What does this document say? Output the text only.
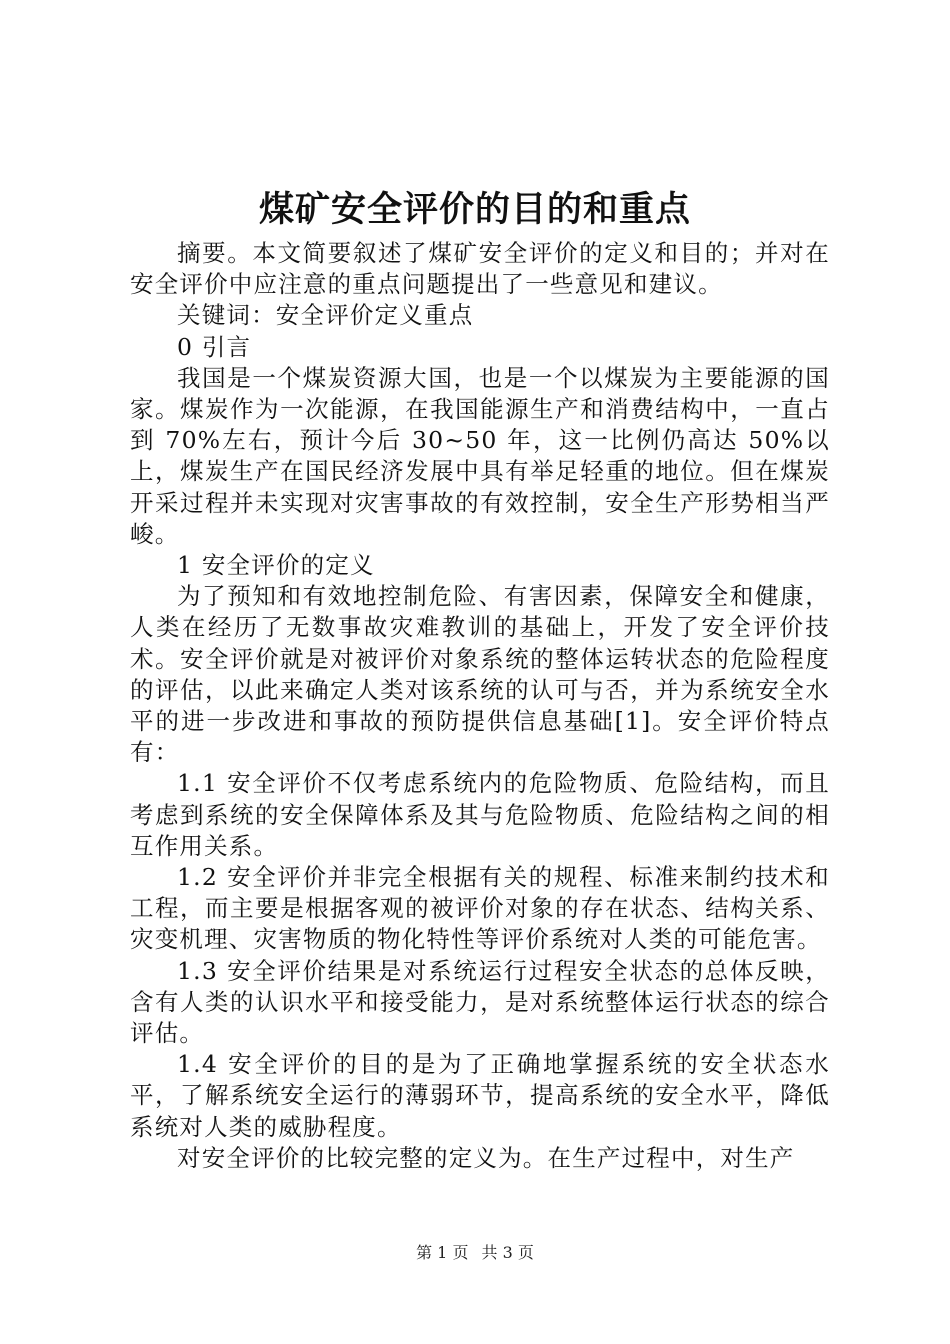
煤矿安全评价的目的和重点

摘要。本文简要叙述了煤矿安全评价的定义和目的；并对在安全评价中应注意的重点问题提出了一些意见和建议。

关键词：安全评价定义重点

0 引言

我国是一个煤炭资源大国，也是一个以煤炭为主要能源的国家。煤炭作为一次能源，在我国能源生产和消费结构中，一直占到 70%左右，预计今后 30~50 年，这一比例仍高达 50%以上，煤炭生产在国民经济发展中具有举足轻重的地位。但在煤炭开采过程并未实现对灾害事故的有效控制，安全生产形势相当严峻。

1 安全评价的定义

为了预知和有效地控制危险、有害因素，保障安全和健康，人类在经历了无数事故灾难教训的基础上，开发了安全评价技术。安全评价就是对被评价对象系统的整体运转状态的危险程度的评估，以此来确定人类对该系统的认可与否，并为系统安全水平的进一步改进和事故的预防提供信息基础[1]。安全评价特点有：

1.1 安全评价不仅考虑系统内的危险物质、危险结构，而且考虑到系统的安全保障体系及其与危险物质、危险结构之间的相互作用关系。

1.2 安全评价并非完全根据有关的规程、标准来制约技术和工程，而主要是根据客观的被评价对象的存在状态、结构关系、灾变机理、灾害物质的物化特性等评价系统对人类的可能危害。

1.3 安全评价结果是对系统运行过程安全状态的总体反映，含有人类的认识水平和接受能力，是对系统整体运行状态的综合评估。

1.4 安全评价的目的是为了正确地掌握系统的安全状态水平，了解系统安全运行的薄弱环节，提高系统的安全水平，降低系统对人类的威胁程度。

对安全评价的比较完整的定义为。在生产过程中，对生产

第 1 页 共 3 页
